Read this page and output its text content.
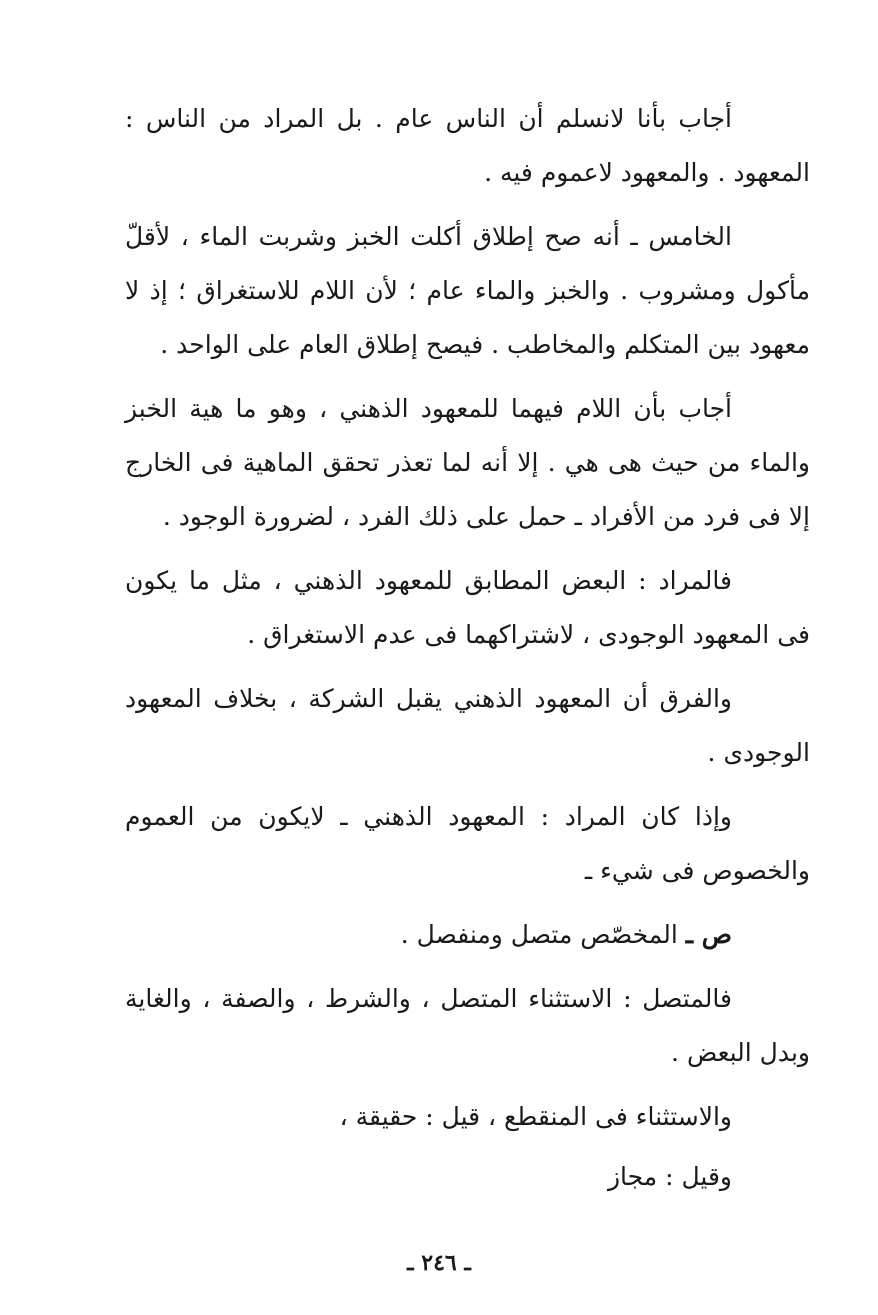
أجاب بأنا لانسلم أن الناس عام . بل المراد من الناس : المعهود . والمعهود لاعموم فيه .

الخامس ـ أنه صح إطلاق أكلت الخبز وشربت الماء ، لأقلّ مأكول ومشروب . والخبز والماء عام ؛ لأن اللام للاستغراق ؛ إذ لا معهود بين المتكلم والمخاطب . فيصح إطلاق العام على الواحد .

أجاب بأن اللام فيهما للمعهود الذهني ، وهو ما هية الخبز والماء من حيث هى هي . إلا أنه لما تعذر تحقق الماهية فى الخارج إلا فى فرد من الأفراد ـ حمل على ذلك الفرد ، لضرورة الوجود .

فالمراد : البعض المطابق للمعهود الذهني ، مثل ما يكون فى المعهود الوجودى ، لاشتراكهما فى عدم الاستغراق .

والفرق أن المعهود الذهني يقبل الشركة ، بخلاف المعهود الوجودى .

وإذا كان المراد : المعهود الذهني ـ لايكون من العموم والخصوص فى شيء ـ

ص ـ المخصّص متصل ومنفصل .

فالمتصل : الاستثناء المتصل ، والشرط ، والصفة ، والغاية وبدل البعض .

والاستثناء فى المنقطع ، قيل : حقيقة ،

وقيل : مجاز

ـ ٢٤٦ ـ
